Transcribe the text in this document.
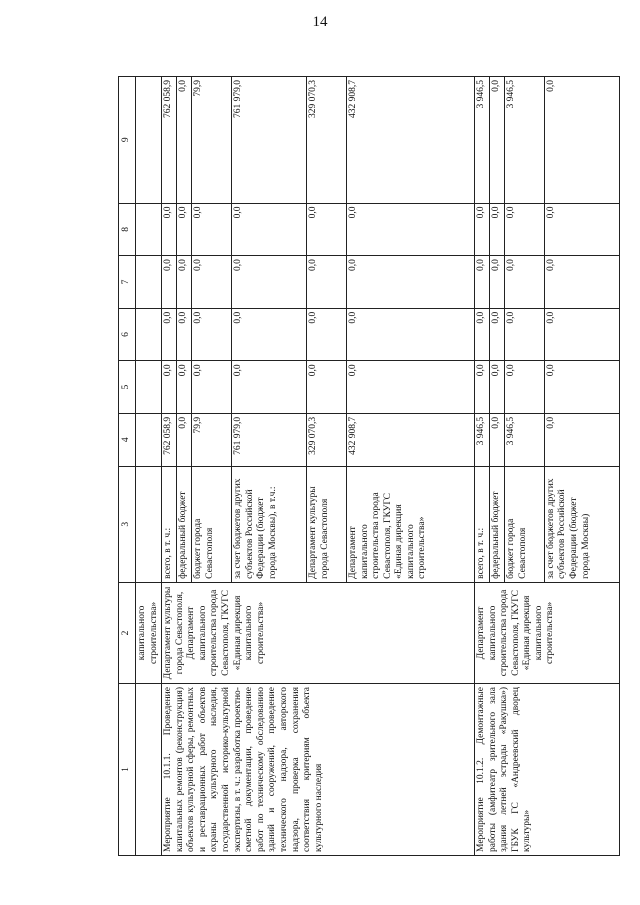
14
1	2	3	4	5	6	7	8	9
	капитального строительства»							
Мероприятие 10.1.1. Проведение капитальных ремонтов (реконструкция) объектов культурной сферы, ремонтных и реставрационных работ объектов охраны культурного наследия, государственной историко-культурной экспертизы, в т. ч.: разработка проектно-сметной документации, проведение работ по техническому обследованию зданий и сооружений, проведение технического надзора, авторского надзора, проверка сохранения соответствия критериям объекта культурного наследия	Департамент культуры города Севастополя, Департамент капитального строительства города Севастополя, ГКУГС «Единая дирекция капитального строительства»	всего, в т. ч.:	762 058,9	0,0	0,0	0,0	0,0	762 058,9
		федеральный бюджет	0,0	0,0	0,0	0,0	0,0	0,0
		бюджет города Севастополя	79,9	0,0	0,0	0,0	0,0	79,9
		за счет бюджетов других субъектов Российской Федерации (бюджет города Москвы), в т.ч.:	761 979,0	0,0	0,0	0,0	0,0	761 979,0
		Департамент культуры города Севастополя	329 070,3	0,0	0,0	0,0	0,0	329 070,3
		Департамент капитального строительства города Севастополя, ГКУГС «Единая дирекция капитального строительства»	432 908,7	0,0	0,0	0,0	0,0	432 908,7
Мероприятие 10.1.2. Демонтажные работы (амфитеатр зрительного зала здания летней эстрады «Ракушка») ГБУК ГС «Андреевский дворец культуры»	Департамент капитального строительства города Севастополя, ГКУГС «Единая дирекция капитального строительства»	всего, в т. ч.:	3 946,5	0,0	0,0	0,0	0,0	3 946,5
		федеральный бюджет	0,0	0,0	0,0	0,0	0,0	0,0
		бюджет города Севастополя	3 946,5	0,0	0,0	0,0	0,0	3 946,5
		за счет бюджетов других субъектов Российской Федерации (бюджет города Москвы)	0,0	0,0	0,0	0,0	0,0	0,0
